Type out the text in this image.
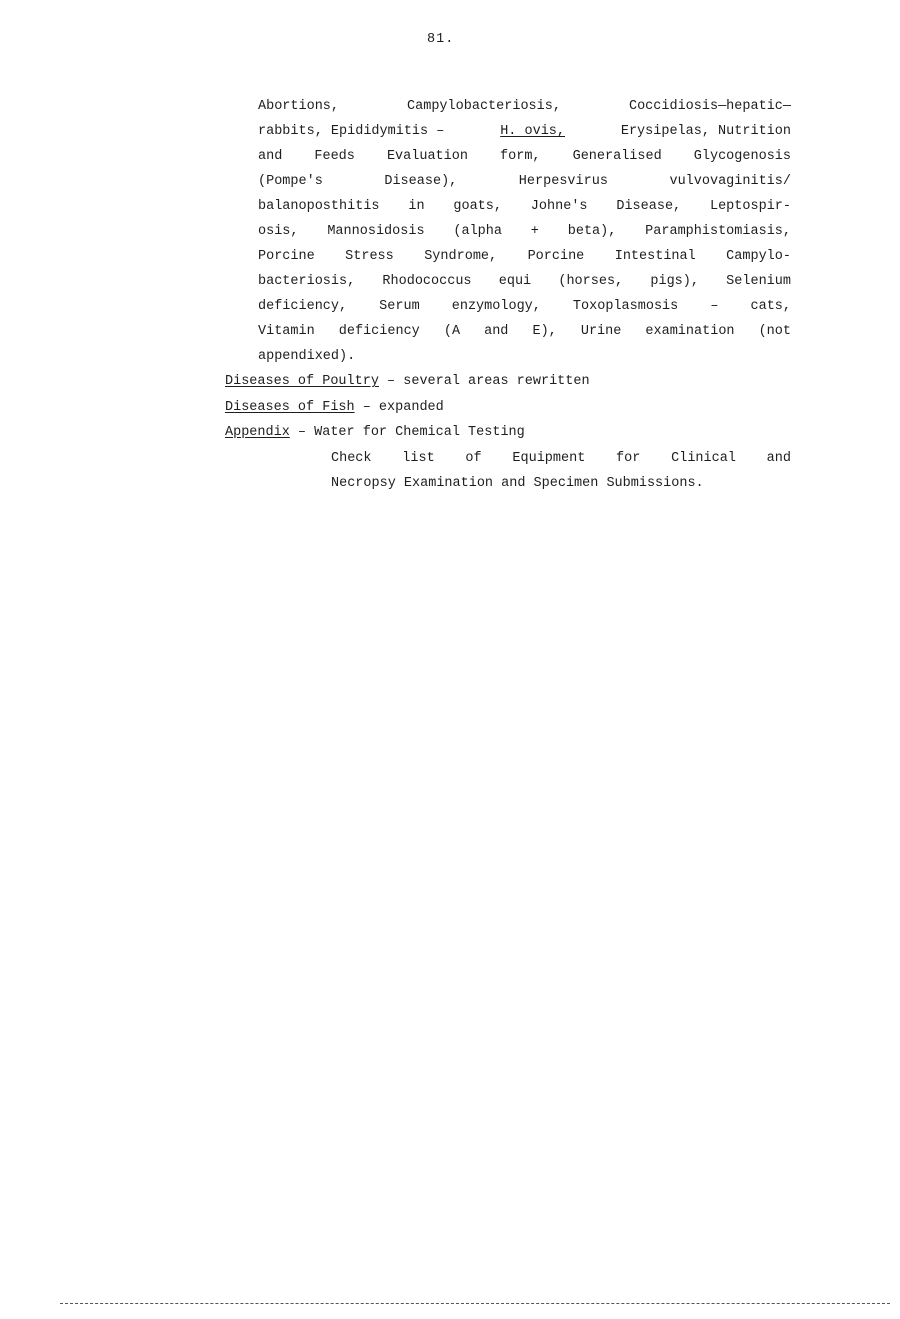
81.

Abortions, Campylobacteriosis, Coccidiosis—hepatic—

rabbits, Epididymitis –	H. ovis,	Erysipelas, Nutrition

and Feeds Evaluation form, Generalised Glycogenosis

(Pompe's Disease), Herpesvirus vulvovaginitis/

balanoposthitis in goats, Johne's Disease, Leptospir-

osis, Mannosidosis (alpha + beta), Paramphistomiasis,

Porcine Stress Syndrome, Porcine Intestinal Campylo-

bacteriosis, Rhodococcus equi (horses, pigs), Selenium

deficiency, Serum enzymology, Toxoplasmosis – cats,

Vitamin deficiency (A and E), Urine examination (not

appendixed).

Diseases of Poultry – several areas rewritten

Diseases of Fish – expanded

Appendix – Water for Chemical Testing

Check list of Equipment for Clinical and

Necropsy Examination and Specimen Submissions.
